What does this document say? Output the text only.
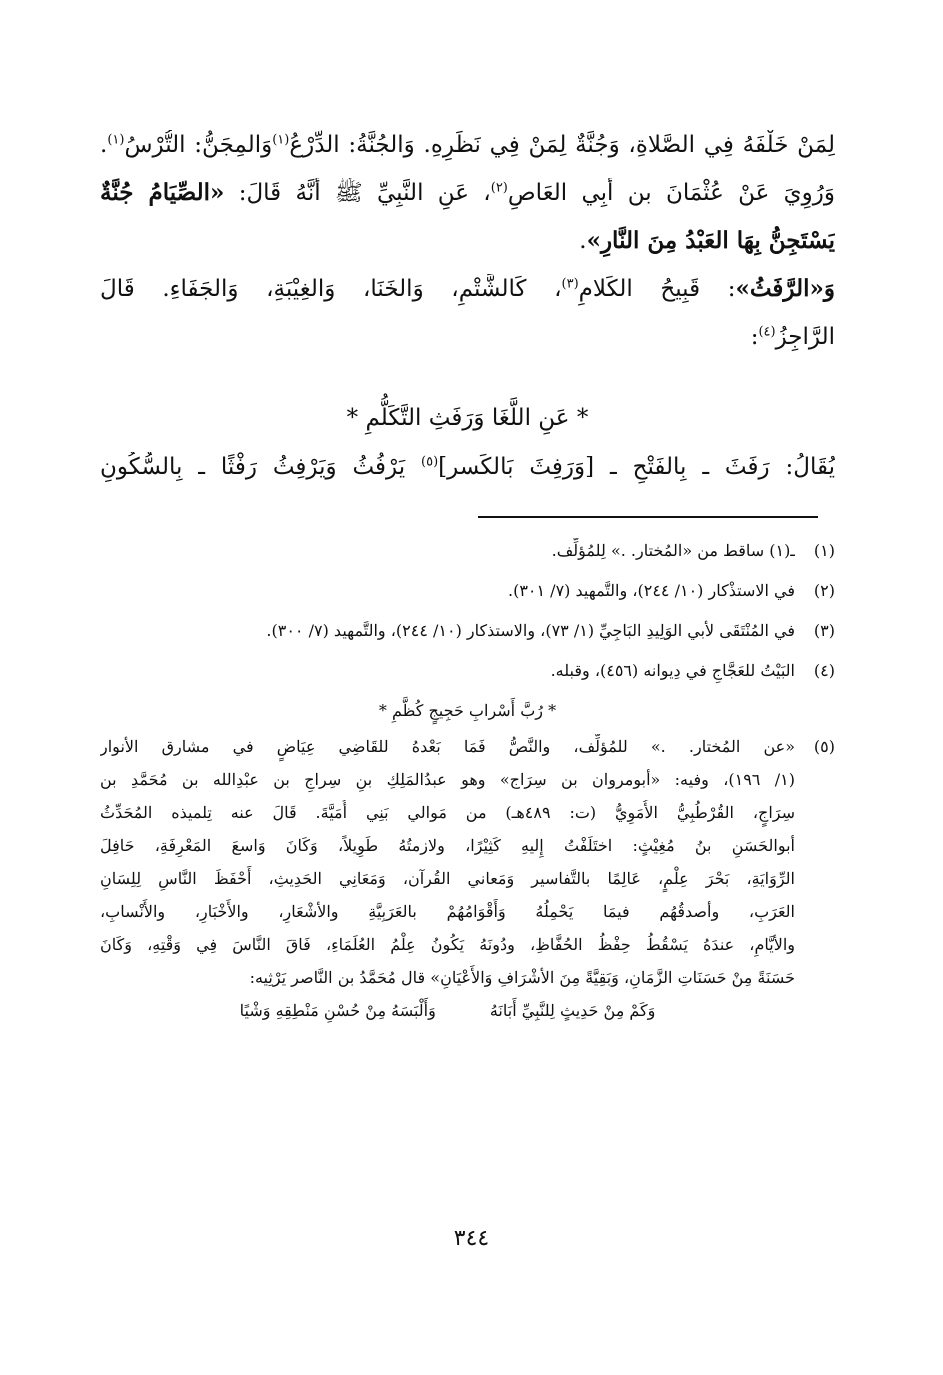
لِمَنْ خَلْفَهُ فِي الصَّلاةِ، وَجُنَّةٌ لِمَنْ فِي نَظَرِهِ. وَالجُنَّةُ: الدِّرْعُ$^{(١)}$وَالمِجَنُّ: التُّرْسُ$^{(١)}$.
وَرُوِيَ عَنْ عُثْمَانَ بن أَبِي العَاصِ$^{(٢)}$، عَنِ النَّبِيِّ ﷺ أَنَّهُ قَالَ: «الصِّيَامُ جُنَّةٌ
يَسْتَجِنُّ بِهَا العَبْدُ مِنَ النَّارِ».
وَ«الرَّفَثُ»: قَبِيحُ الكَلامِ$^{(٣)}$، كَالشَّتْمِ، وَالخَنَا، وَالغِيْبَةِ، وَالجَفَاءِ. قَالَ
الرَّاجِزُ$^{(٤)}$:
* عَنِ اللَّغَا وَرَفَثِ التَّكَلُّمِ *
يُقَالُ: رَفَثَ ـ بِالفَتْحِ ـ [وَرَفِثَ بَالكَسر]$^{(٥)}$ يَرْفُثُ وَيَرْفِثُ رَفْثًا ـ بِالسُّكُونِ
(١)
ـ(١) ساقط من «المُختار. .» لِلمُؤلِّف.
(٢)
في الاستذْكار (١٠/ ٢٤٤)، والتَّمهيد (٧/ ٣٠١).
(٣)
في المُنْتَقَى لأبي الوَلِيدِ البَاجِيِّ (١/ ٧٣)، والاستذكار (١٠/ ٢٤٤)، والتَّمهيد (٧/ ٣٠٠).
(٤)
البَيْتُ للعَجَّاجِ في دِيوانه (٤٥٦)، وقبله.
* رُبَّ أَسْرابِ حَجِيجٍ كُظَّمِ *
(٥)
«عن المُختار. .» للمُؤلِّف، والنَّصُّ فَمَا بَعْدهُ للقَاضِي عِيَاضٍ في مشارق الأنوار
(١/ ١٩٦)، وفيه: «أبومروان بن سِرَاج» وهو عبدُالمَلِكِ بنِ سِراجِ بن عبْدِالله بن مُحَمَّدِ بن
سِرَاجٍ، القُرْطُبِيُّ الأُمَوِيُّ (ت: ٤٨٩هـ) من مَوالي بَنِي أُمَيَّةَ. قَالَ عنه تِلميذه المُحَدِّثُ
أبوالحَسَنِ بنُ مُغِيْثٍ: اختَلَفْتُ إِليهِ كَثِيْرًا، ولازمتُهُ طَوِيلاً، وَكَانَ وَاسعَ المَعْرِفَةِ، حَافِلَ
الرِّوَايَةِ، بَحْرَ عِلْمٍ، عَالِمًا بالتَّفاسير وَمَعاني القُرآن، وَمَعَانِي الحَدِيثِ، أَحْفَظَ النَّاسِ لِلِسَانِ
العَرَبِ، وأصدقُهُم فيمَا يَحْمِلُهُ وَأَقْوَامُهُمْ بالعَرَبِيَّةِ والأشْعَارِ، والأَخْبَارِ، والأَنْسابِ،
والأيَّامِ، عندَهُ يَسْقُطُ حِفْظُ الحُفَّاظِ، ودُونَهُ يَكُونُ عِلْمُ العُلَمَاءِ، فَاقَ النَّاسَ فِي وَقْتِهِ، وَكَانَ
حَسَنَةً مِنْ حَسَنَاتِ الزَّمَانِ، وَبَقِيَّةً مِنَ الأشْرَافِ وَالأَعْيَانِ» قال مُحَمَّدُ بن النَّاصر يَرْثِيه:
وَكَمْ مِنْ حَدِيثٍ لِلنَّبِيِّ أَبَانَهُ
وَأَلْبَسَهُ مِنْ حُسْنِ مَنْطِقِهِ وَشْيًا
٣٤٤
